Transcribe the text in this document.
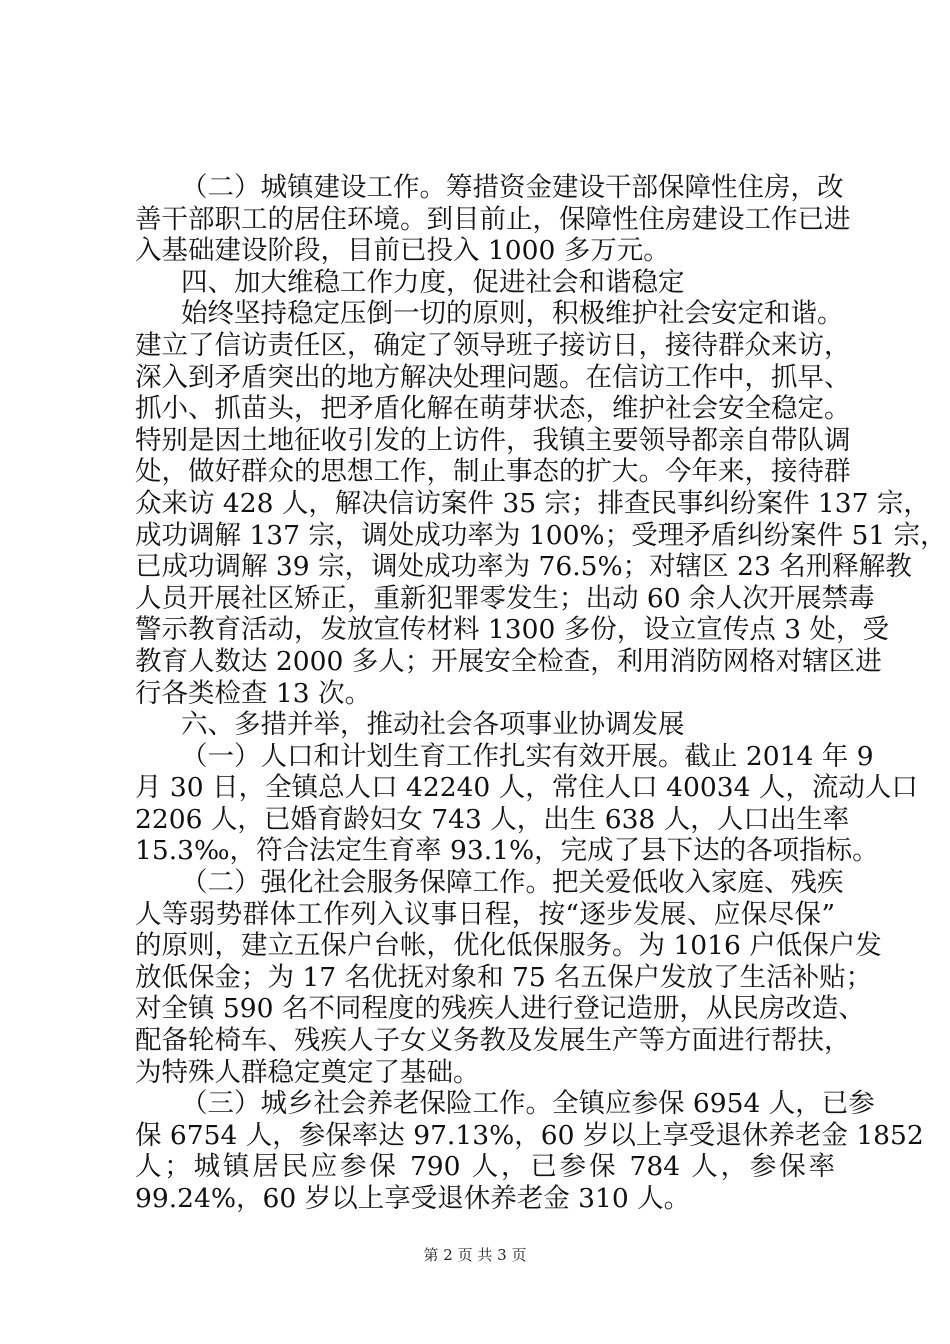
（二）城镇建设工作。筹措资金建设干部保障性住房，改
善干部职工的居住环境。到目前止，保障性住房建设工作已进
入基础建设阶段，目前已投入 1000 多万元。
四、加大维稳工作力度，促进社会和谐稳定
始终坚持稳定压倒一切的原则，积极维护社会安定和谐。
建立了信访责任区，确定了领导班子接访日，接待群众来访，
深入到矛盾突出的地方解决处理问题。在信访工作中，抓早、
抓小、抓苗头，把矛盾化解在萌芽状态，维护社会安全稳定。
特别是因土地征收引发的上访件，我镇主要领导都亲自带队调
处，做好群众的思想工作，制止事态的扩大。今年来，接待群
众来访 428 人，解决信访案件 35 宗；排查民事纠纷案件 137 宗，
成功调解 137 宗，调处成功率为 100%；受理矛盾纠纷案件 51 宗，
已成功调解 39 宗，调处成功率为 76.5%；对辖区 23 名刑释解教
人员开展社区矫正，重新犯罪零发生；出动 60 余人次开展禁毒
警示教育活动，发放宣传材料 1300 多份，设立宣传点 3 处，受
教育人数达 2000 多人；开展安全检查，利用消防网格对辖区进
行各类检查 13 次。
六、多措并举，推动社会各项事业协调发展
（一）人口和计划生育工作扎实有效开展。截止 2014 年 9
月 30 日，全镇总人口 42240 人，常住人口 40034 人，流动人口
2206 人，已婚育龄妇女 743 人，出生 638 人，人口出生率
15.3‰，符合法定生育率 93.1%，完成了县下达的各项指标。
（二）强化社会服务保障工作。把关爱低收入家庭、残疾
人等弱势群体工作列入议事日程，按“逐步发展、应保尽保”
的原则，建立五保户台帐，优化低保服务。为 1016 户低保户发
放低保金；为 17 名优抚对象和 75 名五保户发放了生活补贴；
对全镇 590 名不同程度的残疾人进行登记造册，从民房改造、
配备轮椅车、残疾人子女义务教及发展生产等方面进行帮扶，
为特殊人群稳定奠定了基础。
（三）城乡社会养老保险工作。全镇应参保 6954 人，已参
保 6754 人，参保率达 97.13%，60 岁以上享受退休养老金 1852
人；城镇居民应参保 790 人，已参保 784 人，参保率
99.24%，60 岁以上享受退休养老金 310 人。
第 2 页 共 3 页
